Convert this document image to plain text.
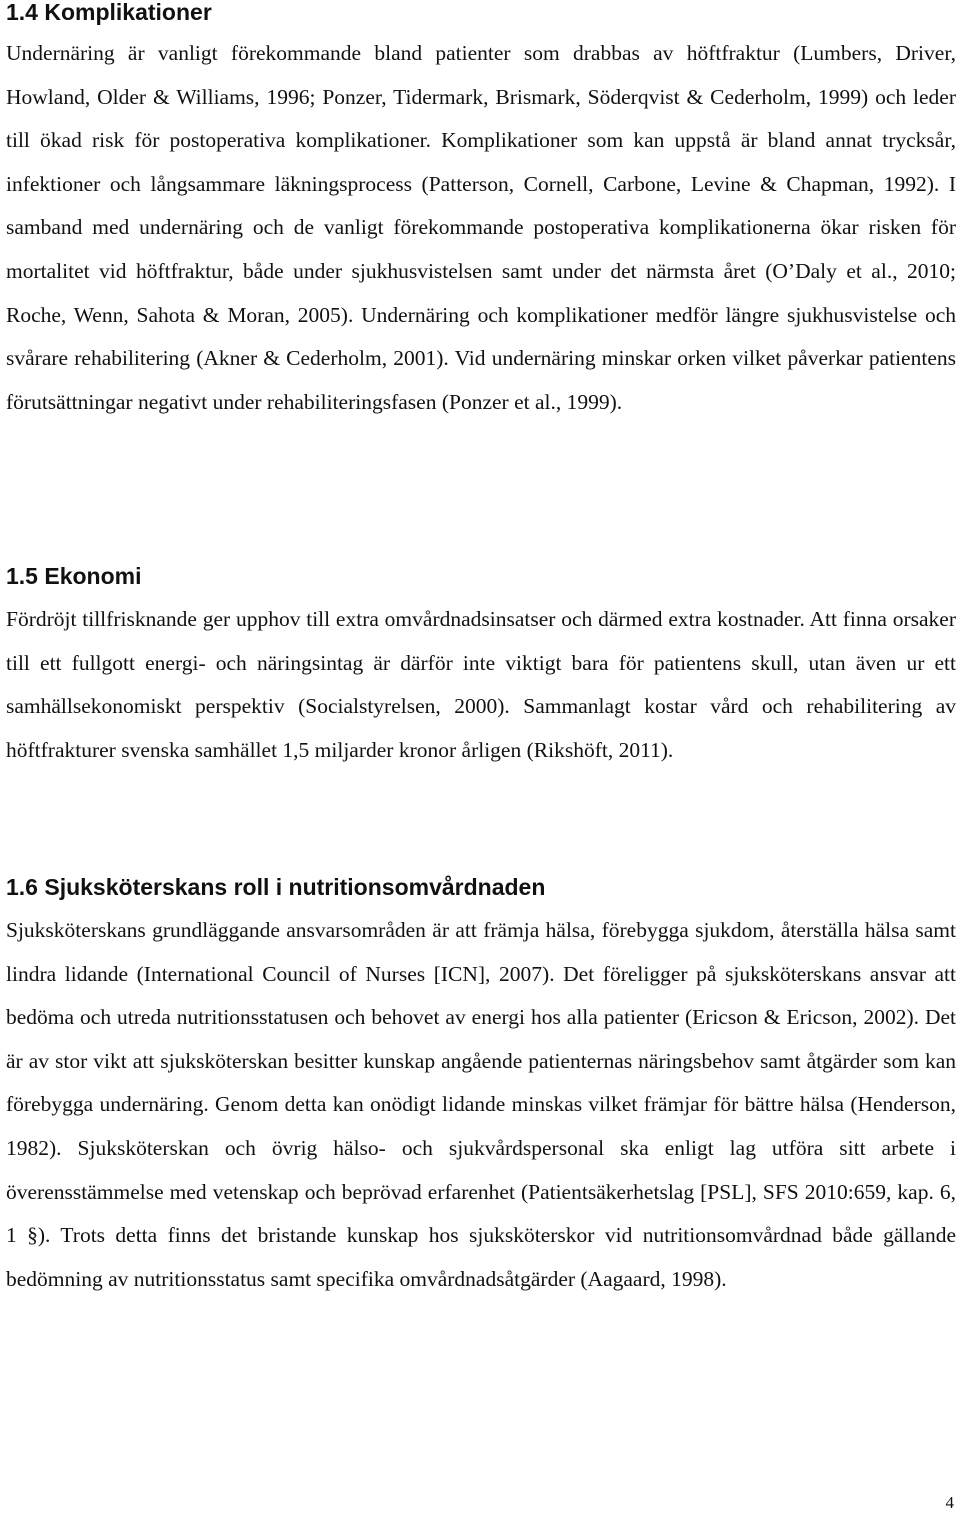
1.4 Komplikationer

Undernäring är vanligt förekommande bland patienter som drabbas av höftfraktur (Lumbers, Driver, Howland, Older & Williams, 1996; Ponzer, Tidermark, Brismark, Söderqvist & Cederholm, 1999) och leder till ökad risk för postoperativa komplikationer. Komplikationer som kan uppstå är bland annat trycksår, infektioner och långsammare läkningsprocess (Patterson, Cornell, Carbone, Levine & Chapman, 1992). I samband med undernäring och de vanligt förekommande postoperativa komplikationerna ökar risken för mortalitet vid höftfraktur, både under sjukhusvistelsen samt under det närmsta året (O’Daly et al., 2010; Roche, Wenn, Sahota & Moran, 2005). Undernäring och komplikationer medför längre sjukhusvistelse och svårare rehabilitering (Akner & Cederholm, 2001). Vid undernäring minskar orken vilket påverkar patientens förutsättningar negativt under rehabiliteringsfasen (Ponzer et al., 1999).

1.5 Ekonomi

Fördröjt tillfrisknande ger upphov till extra omvårdnadsinsatser och därmed extra kostnader. Att finna orsaker till ett fullgott energi- och näringsintag är därför inte viktigt bara för patientens skull, utan även ur ett samhällsekonomiskt perspektiv (Socialstyrelsen, 2000). Sammanlagt kostar vård och rehabilitering av höftfrakturer svenska samhället 1,5 miljarder kronor årligen (Rikshöft, 2011).

1.6 Sjuksköterskans roll i nutritionsomvårdnaden

Sjuksköterskans grundläggande ansvarsområden är att främja hälsa, förebygga sjukdom, återställa hälsa samt lindra lidande (International Council of Nurses [ICN], 2007). Det föreligger på sjuksköterskans ansvar att bedöma och utreda nutritionsstatusen och behovet av energi hos alla patienter (Ericson & Ericson, 2002). Det är av stor vikt att sjuksköterskan besitter kunskap angående patienternas näringsbehov samt åtgärder som kan förebygga undernäring. Genom detta kan onödigt lidande minskas vilket främjar för bättre hälsa (Henderson, 1982). Sjuksköterskan och övrig hälso- och sjukvårdspersonal ska enligt lag utföra sitt arbete i överensstämmelse med vetenskap och beprövad erfarenhet (Patientsäkerhetslag [PSL], SFS 2010:659, kap. 6, 1 §). Trots detta finns det bristande kunskap hos sjuksköterskor vid nutritionsomvårdnad både gällande bedömning av nutritionsstatus samt specifika omvårdnadsåtgärder (Aagaard, 1998).

4
